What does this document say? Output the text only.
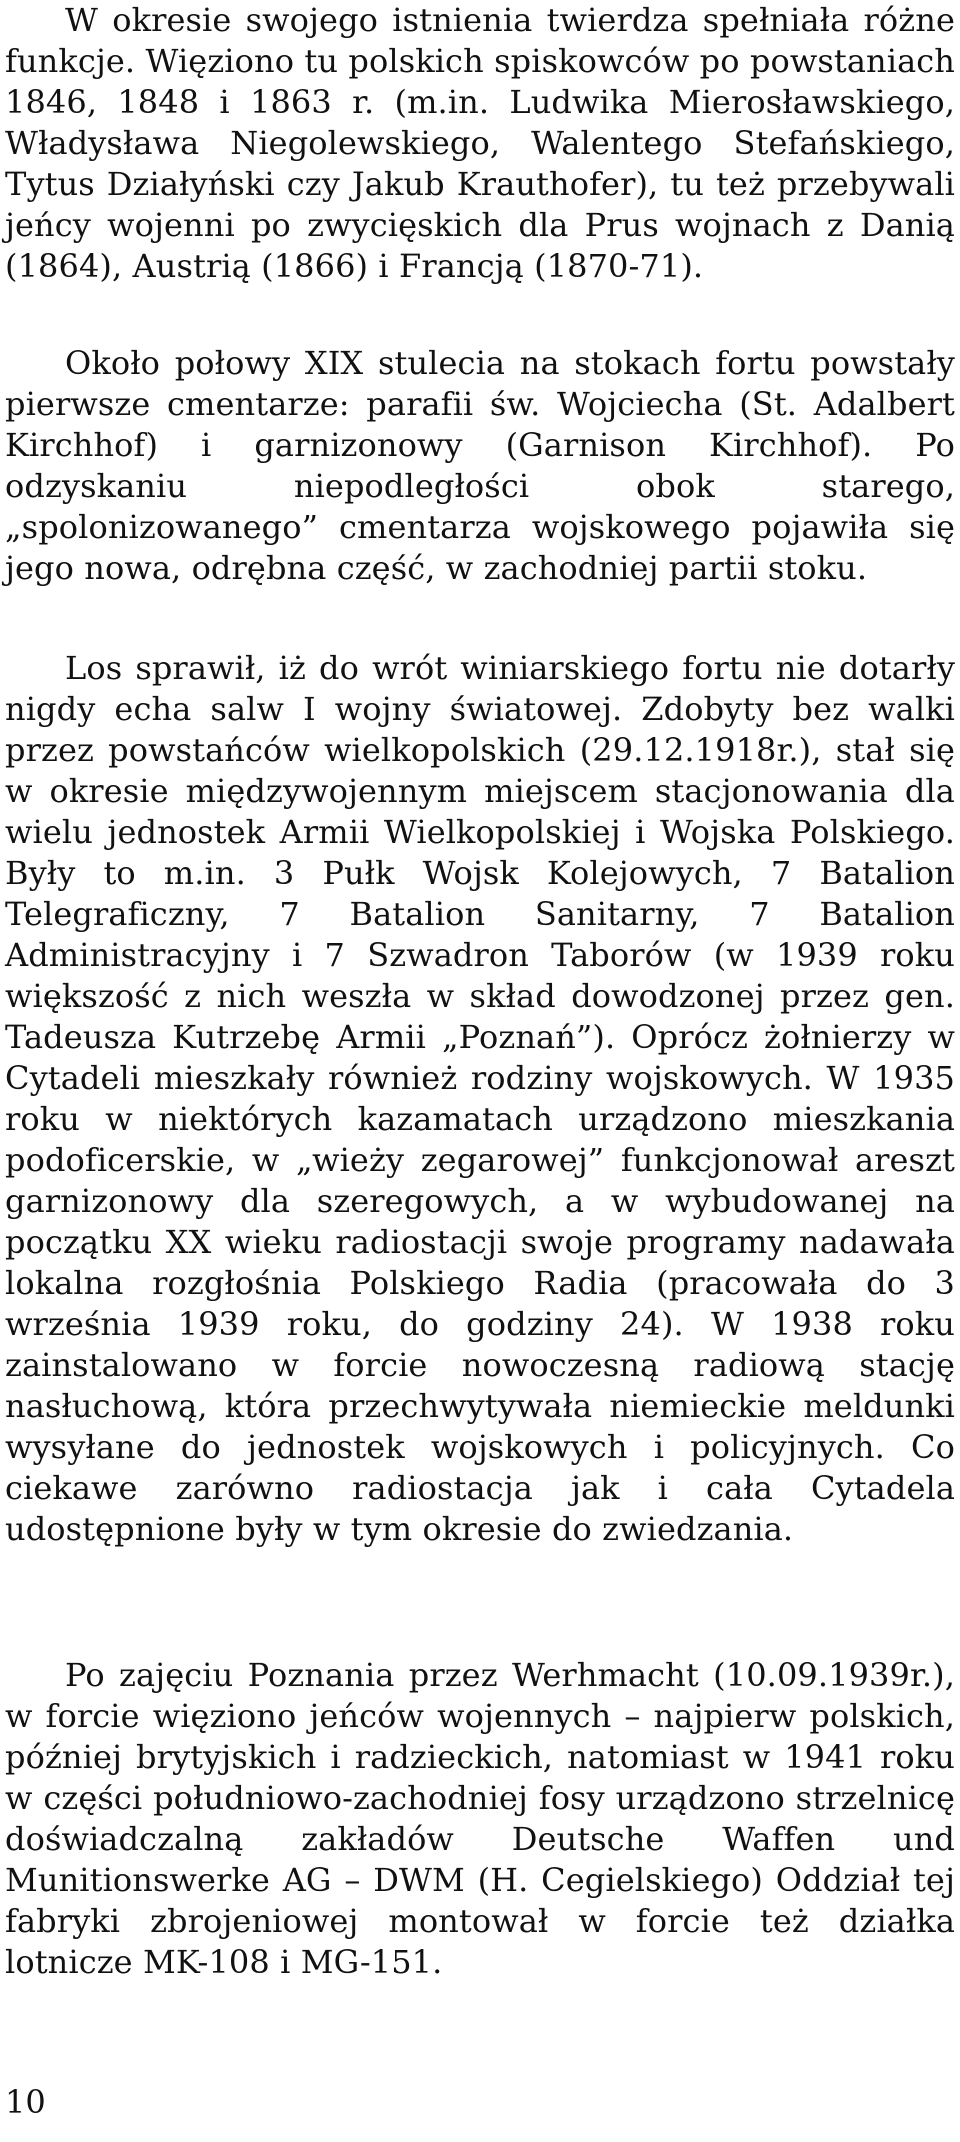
W okresie swojego istnienia twierdza spełniała różne funkcje. Więziono tu polskich spiskowców po powstaniach 1846, 1848 i 1863 r. (m.in. Ludwika Mierosławskiego, Władysława Niegolewskiego, Walentego Stefańskiego, Tytus Działyński czy Jakub Krauthofer), tu też przebywali jeńcy wojenni po zwycięskich dla Prus wojnach z Danią (1864), Austrią (1866) i Francją (1870-71).

Około połowy XIX stulecia na stokach fortu powstały pierwsze cmentarze: parafii św. Wojciecha (St. Adalbert Kirchhof) i garnizonowy (Garnison Kirchhof). Po odzyskaniu niepodległości obok starego, „spolonizowanego” cmentarza wojskowego pojawiła się jego nowa, odrębna część, w zachodniej partii stoku.

Los sprawił, iż do wrót winiarskiego fortu nie dotarły nigdy echa salw I wojny światowej. Zdobyty bez walki przez powstańców wielkopolskich (29.12.1918r.), stał się w okresie międzywojennym miejscem stacjonowania dla wielu jednostek Armii Wielkopolskiej i Wojska Polskiego. Były to m.in. 3 Pułk Wojsk Kolejowych, 7 Batalion Telegraficzny, 7 Batalion Sanitarny, 7 Batalion Administracyjny i 7 Szwadron Taborów (w 1939 roku większość z nich weszła w skład dowodzonej przez gen. Tadeusza Kutrzebę Armii „Poznań”). Oprócz żołnierzy w Cytadeli mieszkały również rodziny wojskowych. W 1935 roku w niektórych kazamatach urządzono mieszkania podoficerskie, w „wieży zegarowej” funkcjonował areszt garnizonowy dla szeregowych, a w wybudowanej na początku XX wieku radiostacji swoje programy nadawała lokalna rozgłośnia Polskiego Radia (pracowała do 3 września 1939 roku, do godziny 24). W 1938 roku zainstalowano w forcie nowoczesną radiową stację nasłuchową, która przechwytywała niemieckie meldunki wysyłane do jednostek wojskowych i policyjnych. Co ciekawe zarówno radiostacja jak i cała Cytadela udostępnione były w tym okresie do zwiedzania.

Po zajęciu Poznania przez Werhmacht (10.09.1939r.), w forcie więziono jeńców wojennych – najpierw polskich, później brytyjskich i radzieckich, natomiast w 1941 roku w części południowo-zachodniej fosy urządzono strzelnicę doświadczalną zakładów Deutsche Waffen und Munitionswerke AG – DWM (H. Cegielskiego) Oddział tej fabryki zbrojeniowej montował w forcie też działka lotnicze MK-108 i MG-151.

10
